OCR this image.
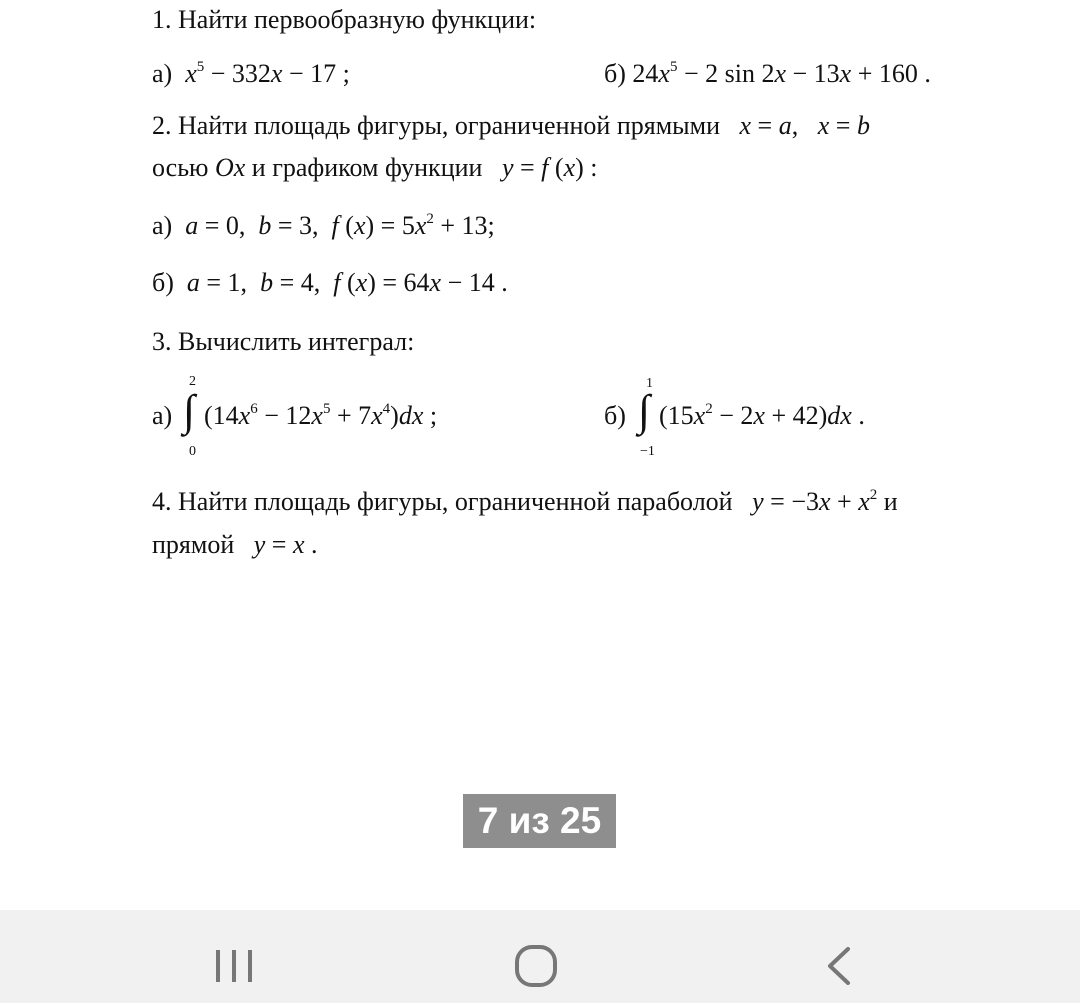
1. Найти первообразную функции:
а) $x^5 - 332x - 17$ ;	б) $24x^5 - 2$ sin 2x − 13x + 160 .
2. Найти площадь фигуры, ограниченной прямыми x = a,   x = b
осью Ox и графиком функции y = f (x) :
а) a = 0,  b = 3,  f $(x) = 5x^2 + 13$;
б) a = 1,  b = 4,  f (x) = 64x − 14 .
3. Вычислить интеграл:
а)
2
∫
0
$(14x^6 - 12x^5 + 7x^4)dx$ ;	б)
1
∫
−1
$(15x^2 - 2x + 42)dx$ .
4. Найти площадь фигуры, ограниченной параболой $y = -3x + x^2$ и
прямой y = x .
7 из 25
